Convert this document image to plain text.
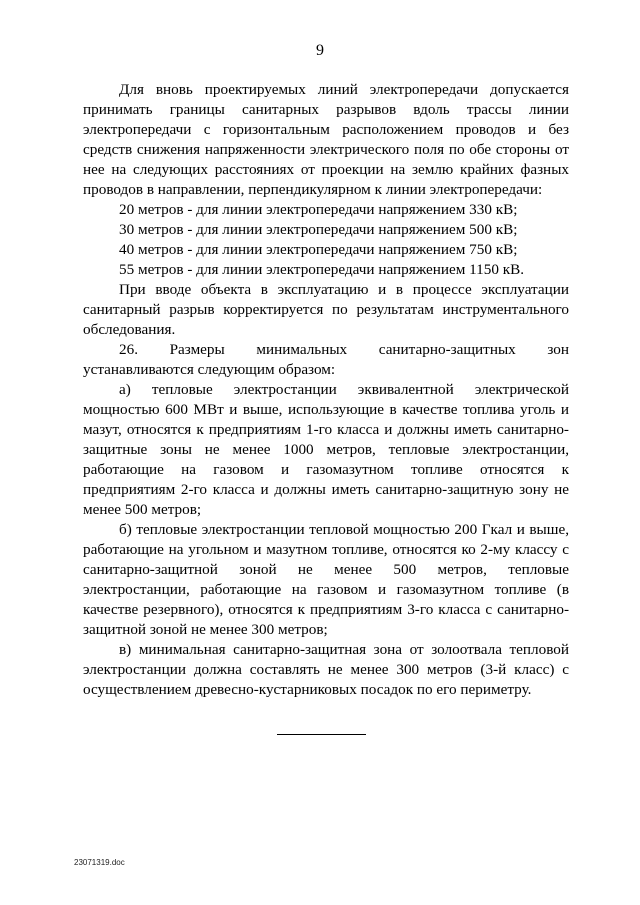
9

Для вновь проектируемых линий электропередачи допускается принимать границы санитарных разрывов вдоль трассы линии электропередачи с горизонтальным расположением проводов и без средств снижения напряженности электрического поля по обе стороны от нее на следующих расстояниях от проекции на землю крайних фазных проводов в направлении, перпендикулярном к линии электропередачи:

20 метров - для линии электропередачи напряжением 330 кВ;

30 метров - для линии электропередачи напряжением 500 кВ;

40 метров - для линии электропередачи напряжением 750 кВ;

55 метров - для линии электропередачи напряжением 1150 кВ.

При вводе объекта в эксплуатацию и в процессе эксплуатации санитарный разрыв корректируется по результатам инструментального обследования.

26. Размеры минимальных санитарно-защитных зон устанавливаются следующим образом:

а) тепловые электростанции эквивалентной электрической мощностью 600 МВт и выше, использующие в качестве топлива уголь и мазут, относятся к предприятиям 1-го класса и должны иметь санитарно-защитные зоны не менее 1000 метров, тепловые электростанции, работающие на газовом и газомазутном топливе относятся к предприятиям 2-го класса и должны иметь санитарно-защитную зону не менее 500 метров;

б) тепловые электростанции тепловой мощностью 200 Гкал и выше, работающие на угольном и мазутном топливе, относятся ко 2-му классу с санитарно-защитной зоной не менее 500 метров, тепловые электростанции, работающие на газовом и газомазутном топливе (в качестве резервного), относятся к предприятиям 3-го класса с санитарно-защитной зоной не менее 300 метров;

в) минимальная санитарно-защитная зона от золоотвала тепловой электростанции должна составлять не менее 300 метров (3-й класс) с осуществлением древесно-кустарниковых посадок по его периметру.

23071319.doc
